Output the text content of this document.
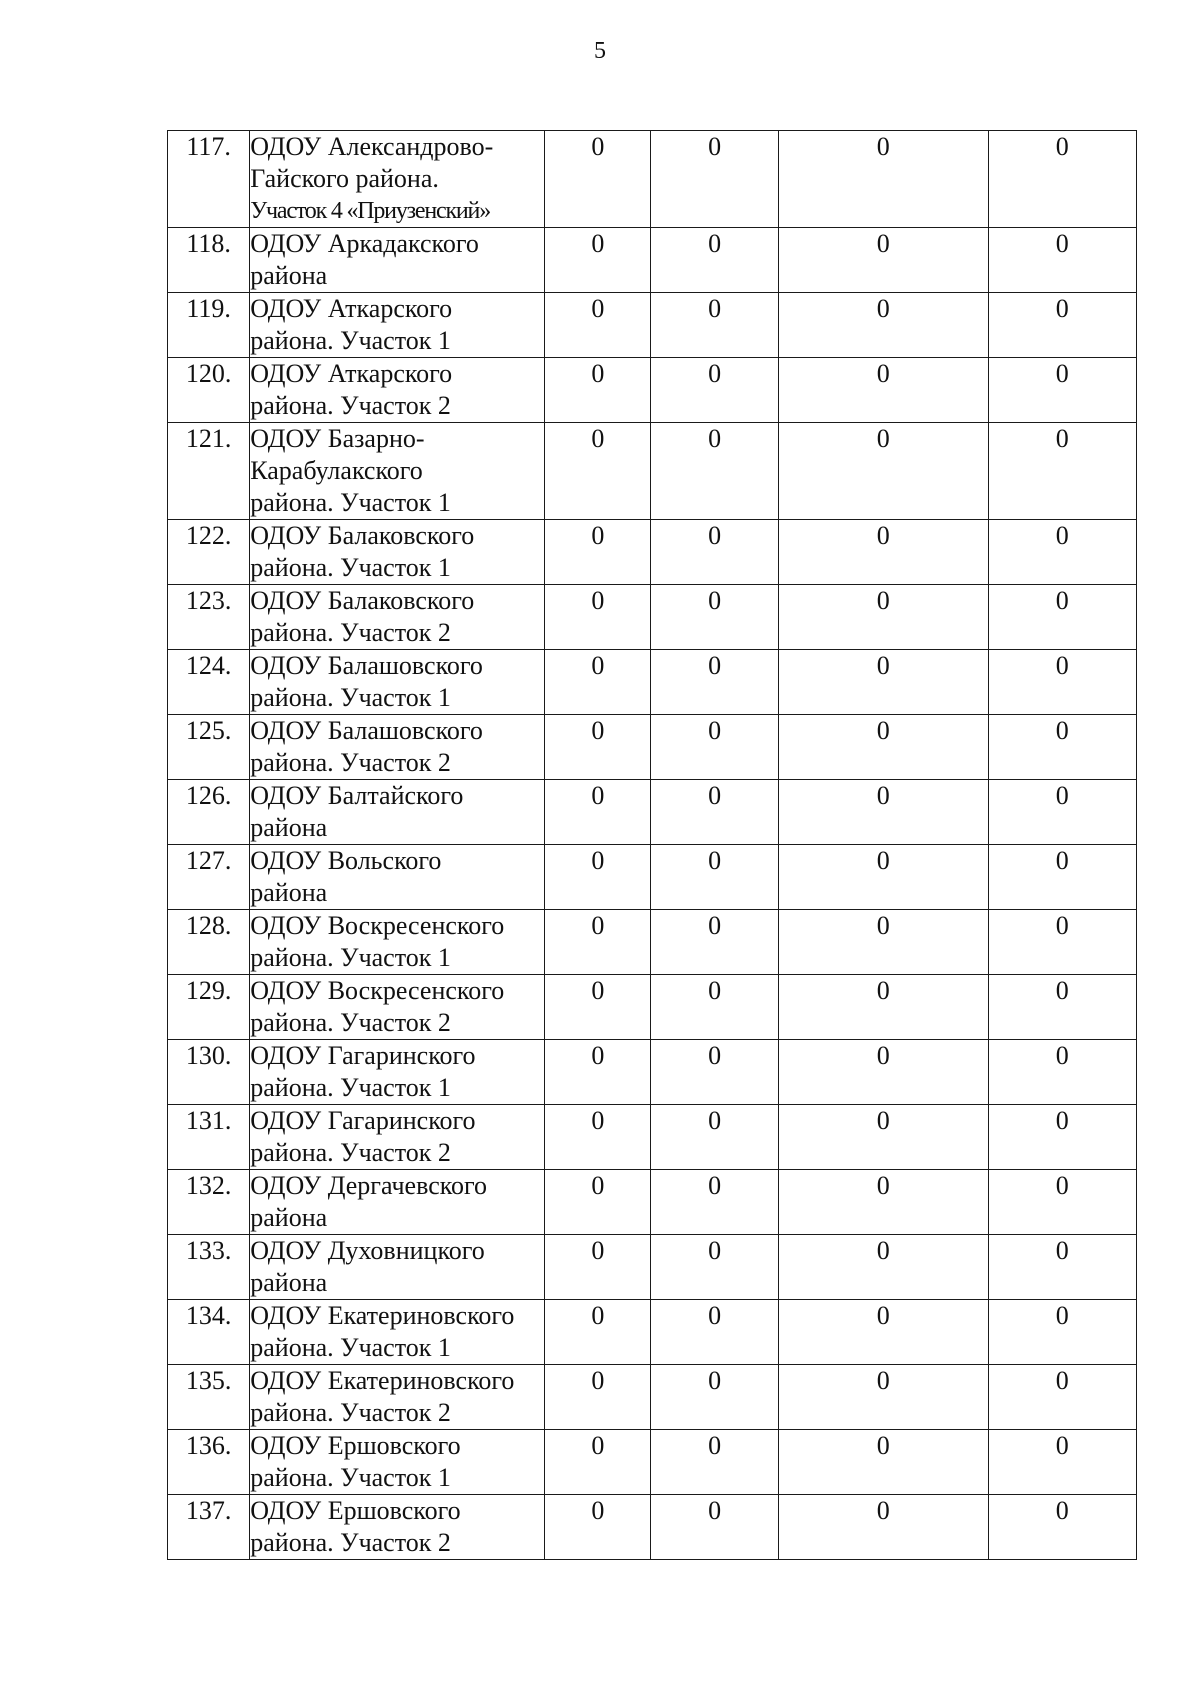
5
117.	ОДОУ Александрово-
Гайского района.
Участок 4 «Приузенский»	0	0	0	0
118.	ОДОУ Аркадакского
района	0	0	0	0
119.	ОДОУ Аткарского
района. Участок 1	0	0	0	0
120.	ОДОУ Аткарского
района. Участок 2	0	0	0	0
121.	ОДОУ Базарно-
Карабулакского
района. Участок 1	0	0	0	0
122.	ОДОУ Балаковского
района. Участок 1	0	0	0	0
123.	ОДОУ Балаковского
района. Участок 2	0	0	0	0
124.	ОДОУ Балашовского
района. Участок 1	0	0	0	0
125.	ОДОУ Балашовского
района. Участок 2	0	0	0	0
126.	ОДОУ Балтайского
района	0	0	0	0
127.	ОДОУ Вольского
района	0	0	0	0
128.	ОДОУ Воскресенского
района. Участок 1	0	0	0	0
129.	ОДОУ Воскресенского
района. Участок 2	0	0	0	0
130.	ОДОУ Гагаринского
района. Участок 1	0	0	0	0
131.	ОДОУ Гагаринского
района. Участок 2	0	0	0	0
132.	ОДОУ Дергачевского
района	0	0	0	0
133.	ОДОУ Духовницкого
района	0	0	0	0
134.	ОДОУ Екатериновского
района. Участок 1	0	0	0	0
135.	ОДОУ Екатериновского
района. Участок 2	0	0	0	0
136.	ОДОУ Ершовского
района. Участок 1	0	0	0	0
137.	ОДОУ Ершовского
района. Участок 2	0	0	0	0
